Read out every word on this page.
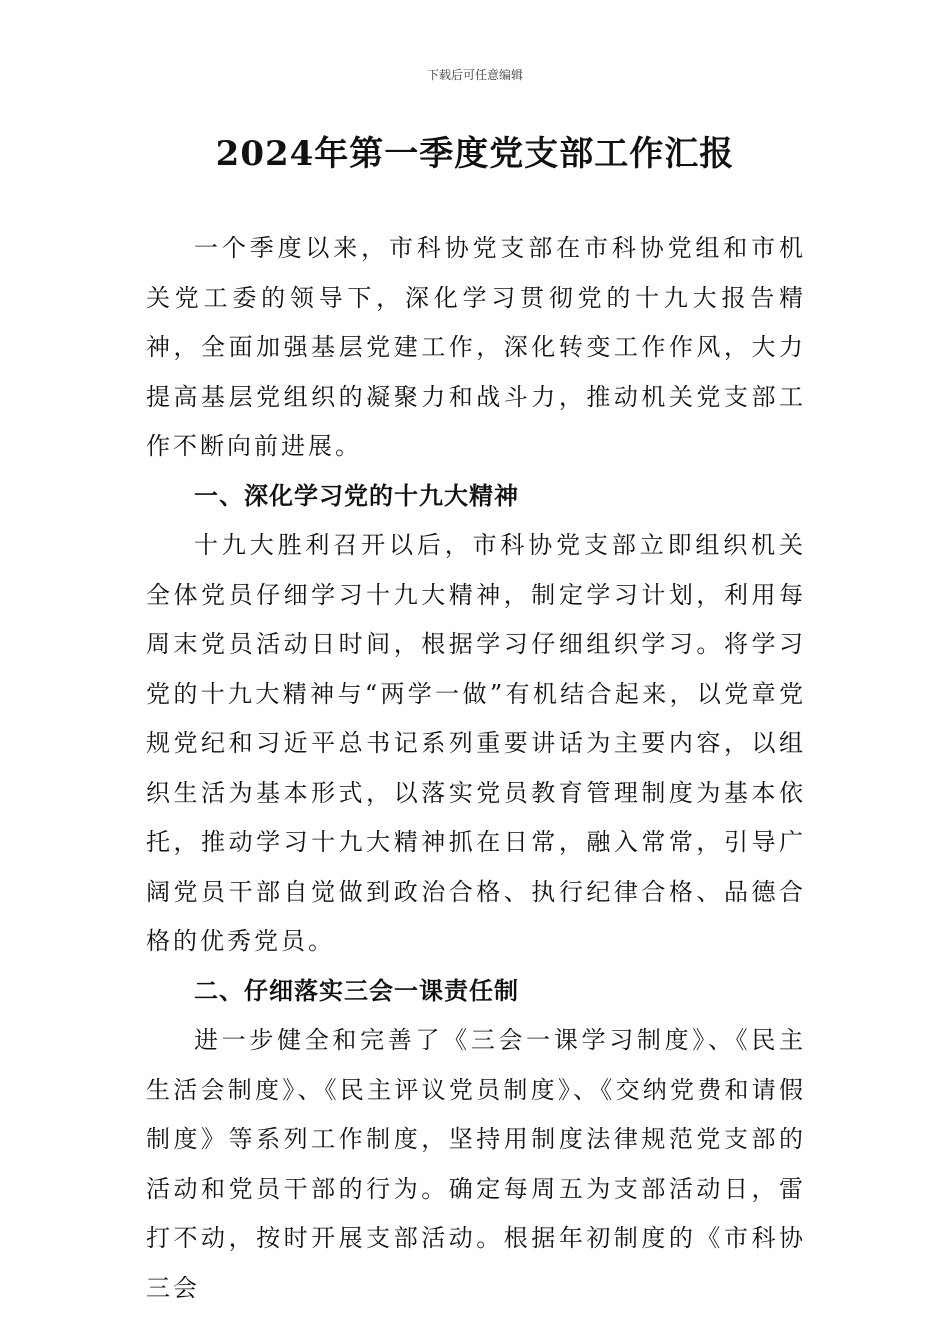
下载后可任意编辑
2024年第一季度党支部工作汇报

一个季度以来，市科协党支部在市科协党组和市机关党工委的领导下，深化学习贯彻党的十九大报告精神，全面加强基层党建工作，深化转变工作作风，大力提高基层党组织的凝聚力和战斗力，推动机关党支部工作不断向前进展。

一、深化学习党的十九大精神

十九大胜利召开以后，市科协党支部立即组织机关全体党员仔细学习十九大精神，制定学习计划，利用每周末党员活动日时间，根据学习仔细组织学习。将学习党的十九大精神与“两学一做”有机结合起来，以党章党规党纪和习近平总书记系列重要讲话为主要内容，以组织生活为基本形式，以落实党员教育管理制度为基本依托，推动学习十九大精神抓在日常，融入常常，引导广阔党员干部自觉做到政治合格、执行纪律合格、品德合格的优秀党员。

二、仔细落实三会一课责任制

进一步健全和完善了《三会一课学习制度》、《民主生活会制度》、《民主评议党员制度》、《交纳党费和请假制度》等系列工作制度，坚持用制度法律规范党支部的活动和党员干部的行为。确定每周五为支部活动日，雷打不动，按时开展支部活动。根据年初制度的《市科协三会
